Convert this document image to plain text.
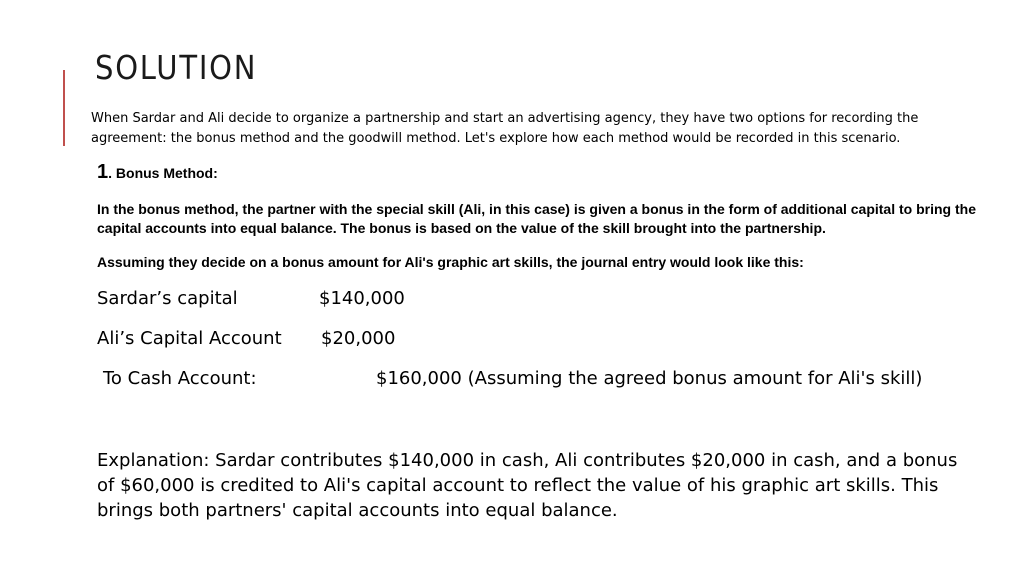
SOLUTION
When Sardar and Ali decide to organize a partnership and start an advertising agency, they have two options for recording the agreement: the bonus method and the goodwill method. Let's explore how each method would be recorded in this scenario.
1. Bonus Method:
In the bonus method, the partner with the special skill (Ali, in this case) is given a bonus in the form of additional capital to bring the capital accounts into equal balance. The bonus is based on the value of the skill brought into the partnership.
Assuming they decide on a bonus amount for Ali's graphic art skills, the journal entry would look like this:
Sardar’s capital	$140,000
Ali’s Capital Account $20,000
To Cash Account:	$160,000 (Assuming the agreed bonus amount for Ali's skill)
Explanation: Sardar contributes $140,000 in cash, Ali contributes $20,000 in cash, and a bonus of $60,000 is credited to Ali's capital account to reflect the value of his graphic art skills. This brings both partners' capital accounts into equal balance.
